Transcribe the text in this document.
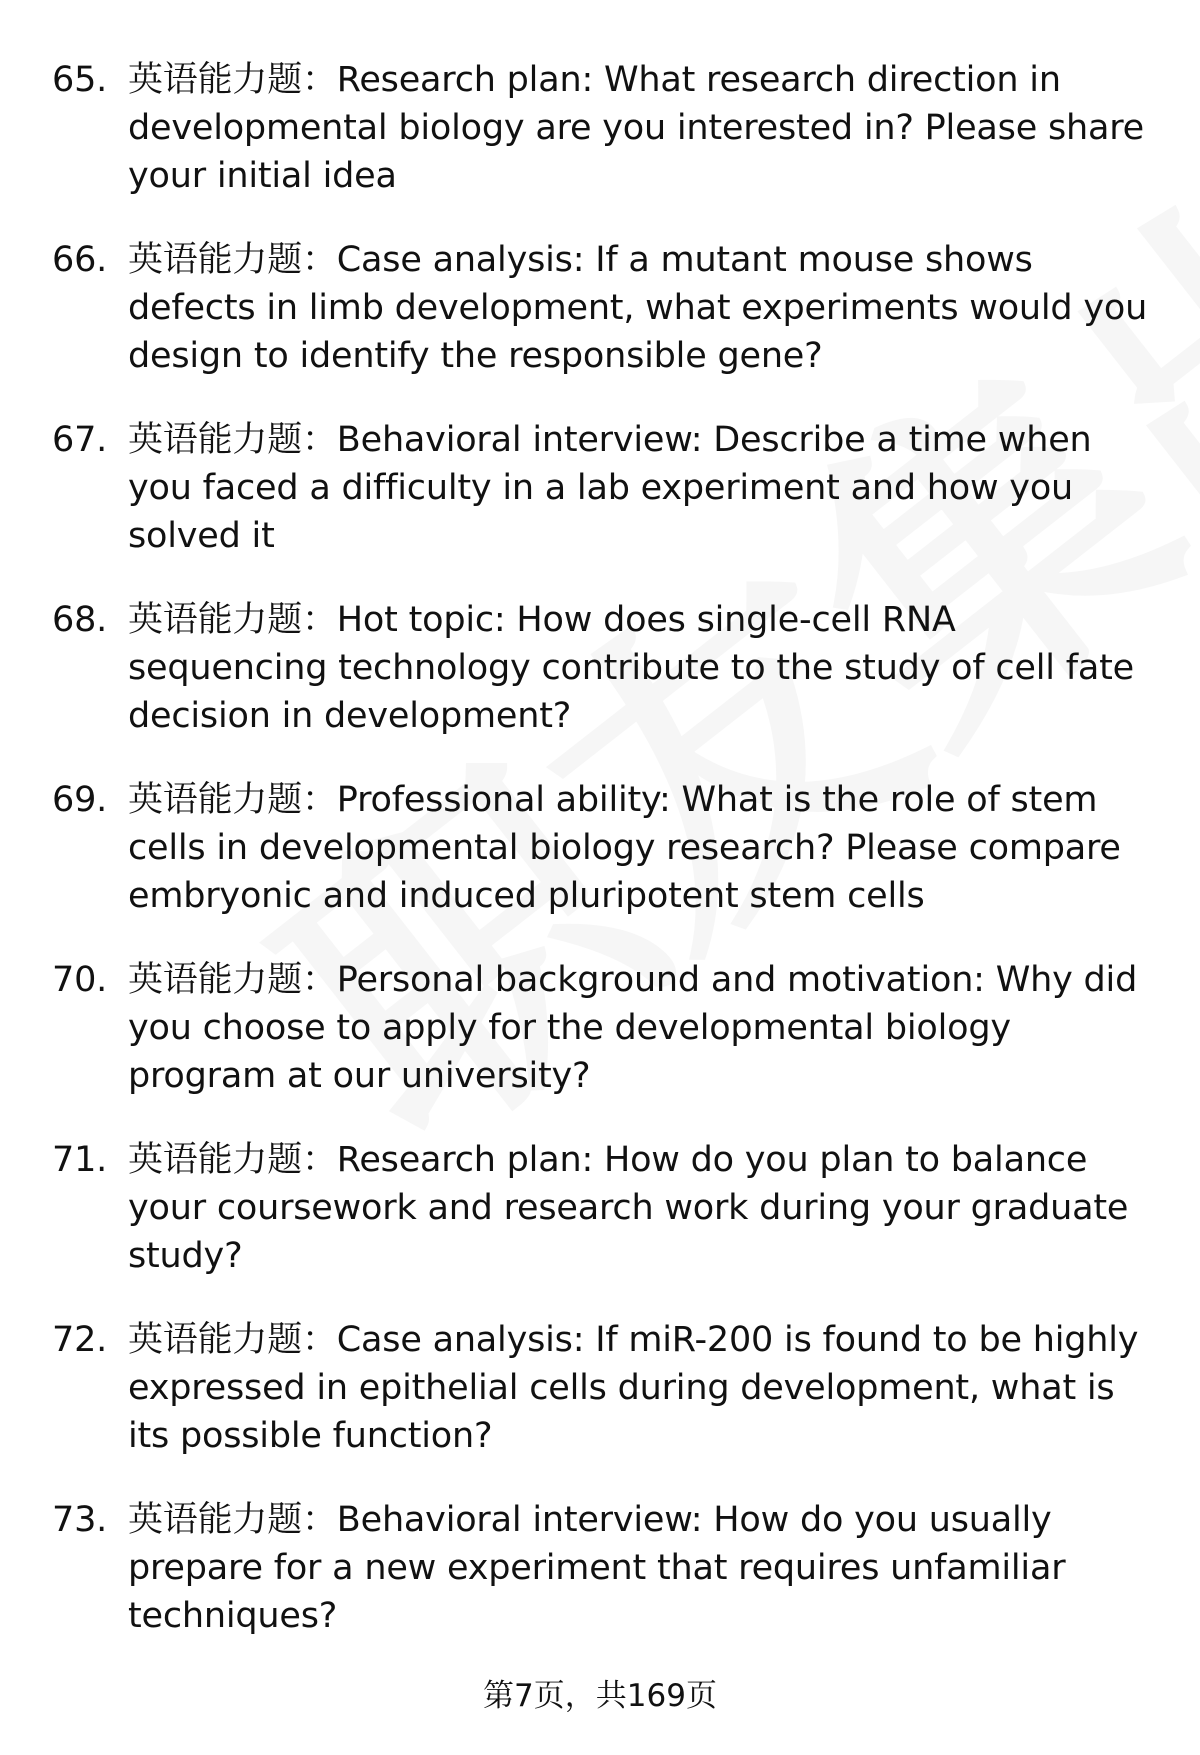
65. 英语能力题：Research plan: What research direction in developmental biology are you interested in? Please share your initial idea
66. 英语能力题：Case analysis: If a mutant mouse shows defects in limb development, what experiments would you design to identify the responsible gene?
67. 英语能力题：Behavioral interview: Describe a time when you faced a difficulty in a lab experiment and how you solved it
68. 英语能力题：Hot topic: How does single-cell RNA sequencing technology contribute to the study of cell fate decision in development?
69. 英语能力题：Professional ability: What is the role of stem cells in developmental biology research? Please compare embryonic and induced pluripotent stem cells
70. 英语能力题：Personal background and motivation: Why did you choose to apply for the developmental biology program at our university?
71. 英语能力题：Research plan: How do you plan to balance your coursework and research work during your graduate study?
72. 英语能力题：Case analysis: If miR-200 is found to be highly expressed in epithelial cells during development, what is its possible function?
73. 英语能力题：Behavioral interview: How do you usually prepare for a new experiment that requires unfamiliar techniques?
第7页，共169页
